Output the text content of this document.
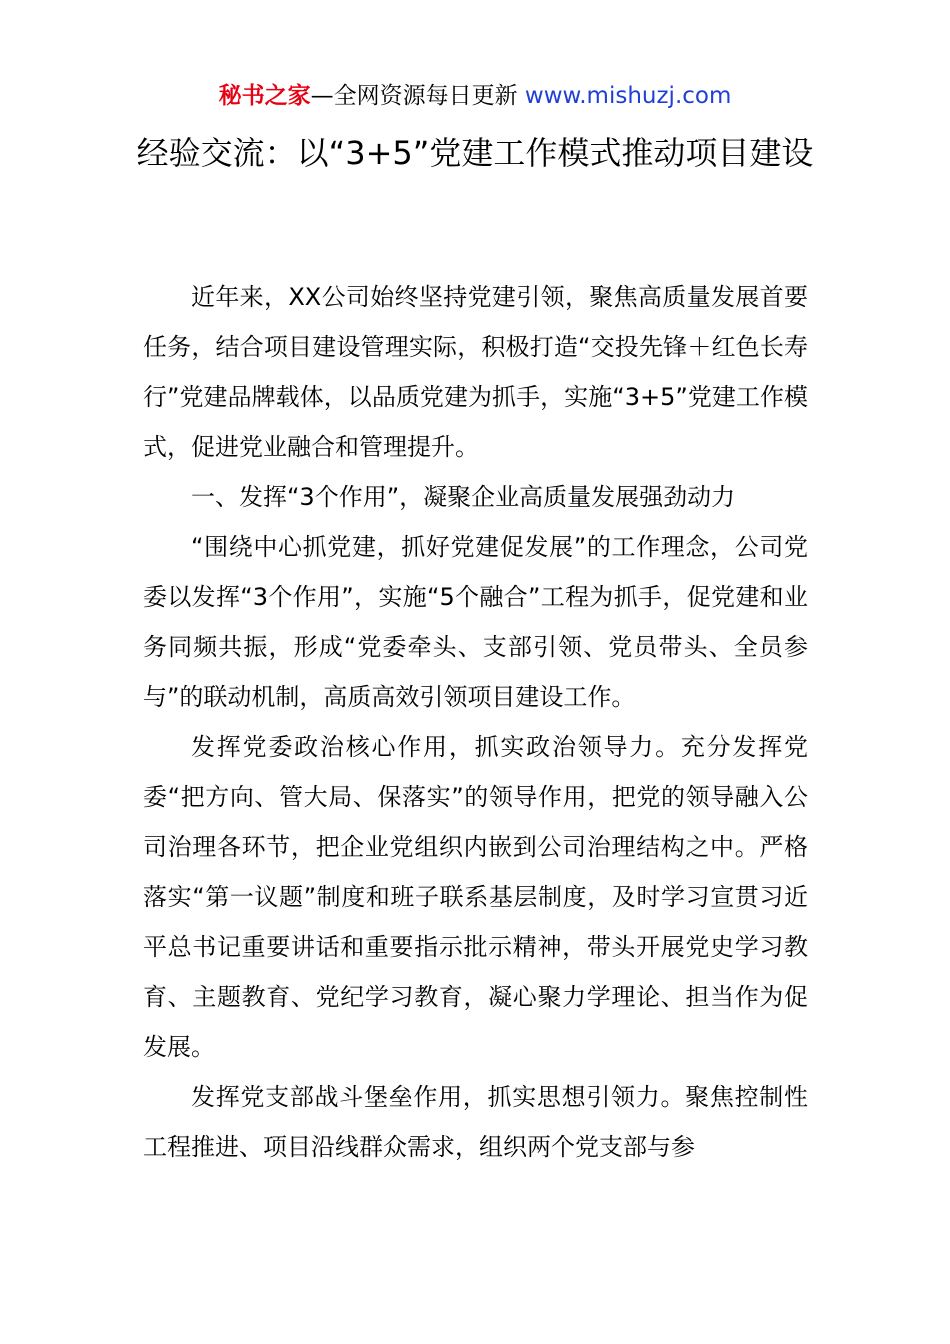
秘书之家—全网资源每日更新 www.mishuzj.com
经验交流：以“3+5”党建工作模式推动项目建设

近年来，XX公司始终坚持党建引领，聚焦高质量发展首要任务，结合项目建设管理实际，积极打造“交投先锋＋红色长寿行”党建品牌载体，以品质党建为抓手，实施“3+5”党建工作模式，促进党业融合和管理提升。

一、发挥“3个作用”，凝聚企业高质量发展强劲动力

“围绕中心抓党建，抓好党建促发展”的工作理念，公司党委以发挥“3个作用”，实施“5个融合”工程为抓手，促党建和业务同频共振，形成“党委牵头、支部引领、党员带头、全员参与”的联动机制，高质高效引领项目建设工作。

发挥党委政治核心作用，抓实政治领导力。充分发挥党委“把方向、管大局、保落实”的领导作用，把党的领导融入公司治理各环节，把企业党组织内嵌到公司治理结构之中。严格落实“第一议题”制度和班子联系基层制度，及时学习宣贯习近平总书记重要讲话和重要指示批示精神，带头开展党史学习教育、主题教育、党纪学习教育，凝心聚力学理论、担当作为促发展。

发挥党支部战斗堡垒作用，抓实思想引领力。聚焦控制性工程推进、项目沿线群众需求，组织两个党支部与参
